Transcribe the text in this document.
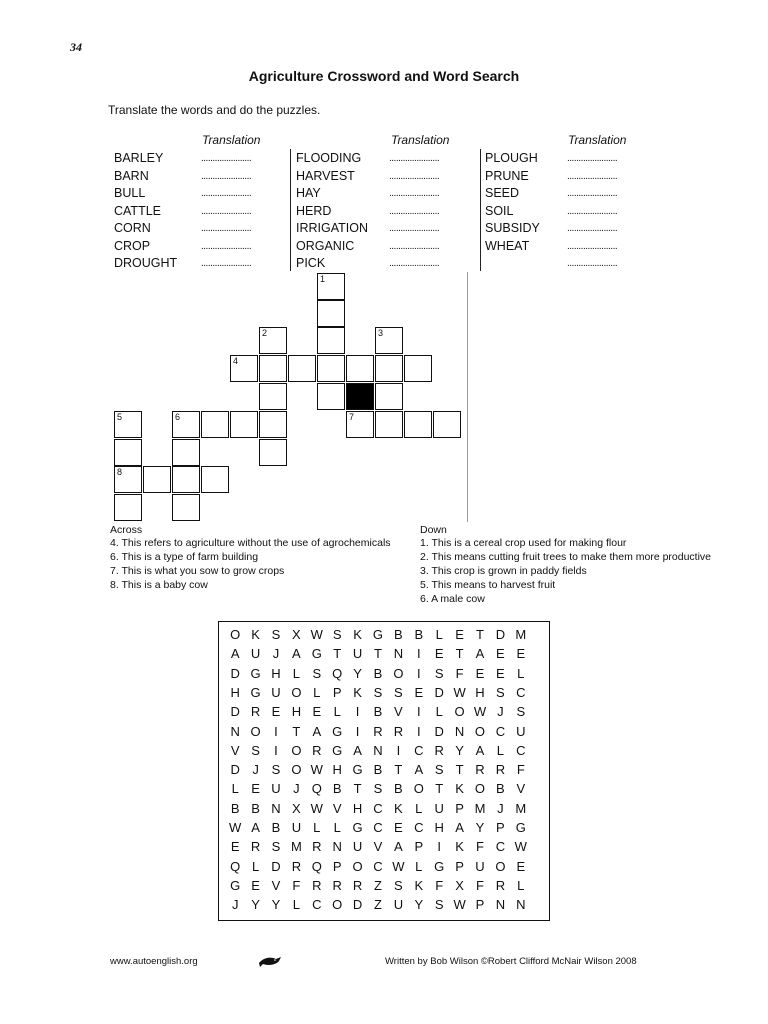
34
Agriculture Crossword and Word Search
Translate the words and do the puzzles.
Translation	Translation	Translation
BARLEY	......................
BARN	......................
BULL	......................
CATTLE	......................
CORN	......................
CROP	......................
DROUGHT ......................
FLOODING	......................
HARVEST	......................
HAY	......................
HERD	......................
IRRIGATION ......................
ORGANIC	......................
PICK	......................
PLOUGH	......................
PRUNE	......................
SEED	......................
SOIL	......................
SUBSIDY	......................
WHEAT	......................
......................
1
2	3
4
5	6	7
8
Across
4. This refers to agriculture without the use of agrochemicals
6. This is a type of farm building
7. This is what you sow to grow crops
8. This is a baby cow
Down
1. This is a cereal crop used for making flour
2. This means cutting fruit trees to make them more productive
3. This crop is grown in paddy fields
5. This means to harvest fruit
6. A male cow
O K S X W S K G B B L E T D M
A U J A G T U T N	I	E T A E E
D G H L S Q Y B O	I	S F E E L
H G U O L P K S S E D W H S C
D R E H E L	I	B V	I	L O W J S
N O	I	T A G	I	R R	I	D N O C U
V S	I	O R G A N	I	C R Y A L C
D J S O W H G B T A S T R R F
L E U J Q B T S B O T K O B V
B B N X W V H C K L U P M J M
W A B U L	L G C E C H A Y P G
E R S M R N U V A P	I	K F C W
Q L D R Q P O C W L G P U O E
G E V F R R R Z S K F X F R L
J Y Y L C O D Z U Y S W P N N
www.autoenglish.org	Written by Bob Wilson ©Robert Clifford McNair Wilson 2008
